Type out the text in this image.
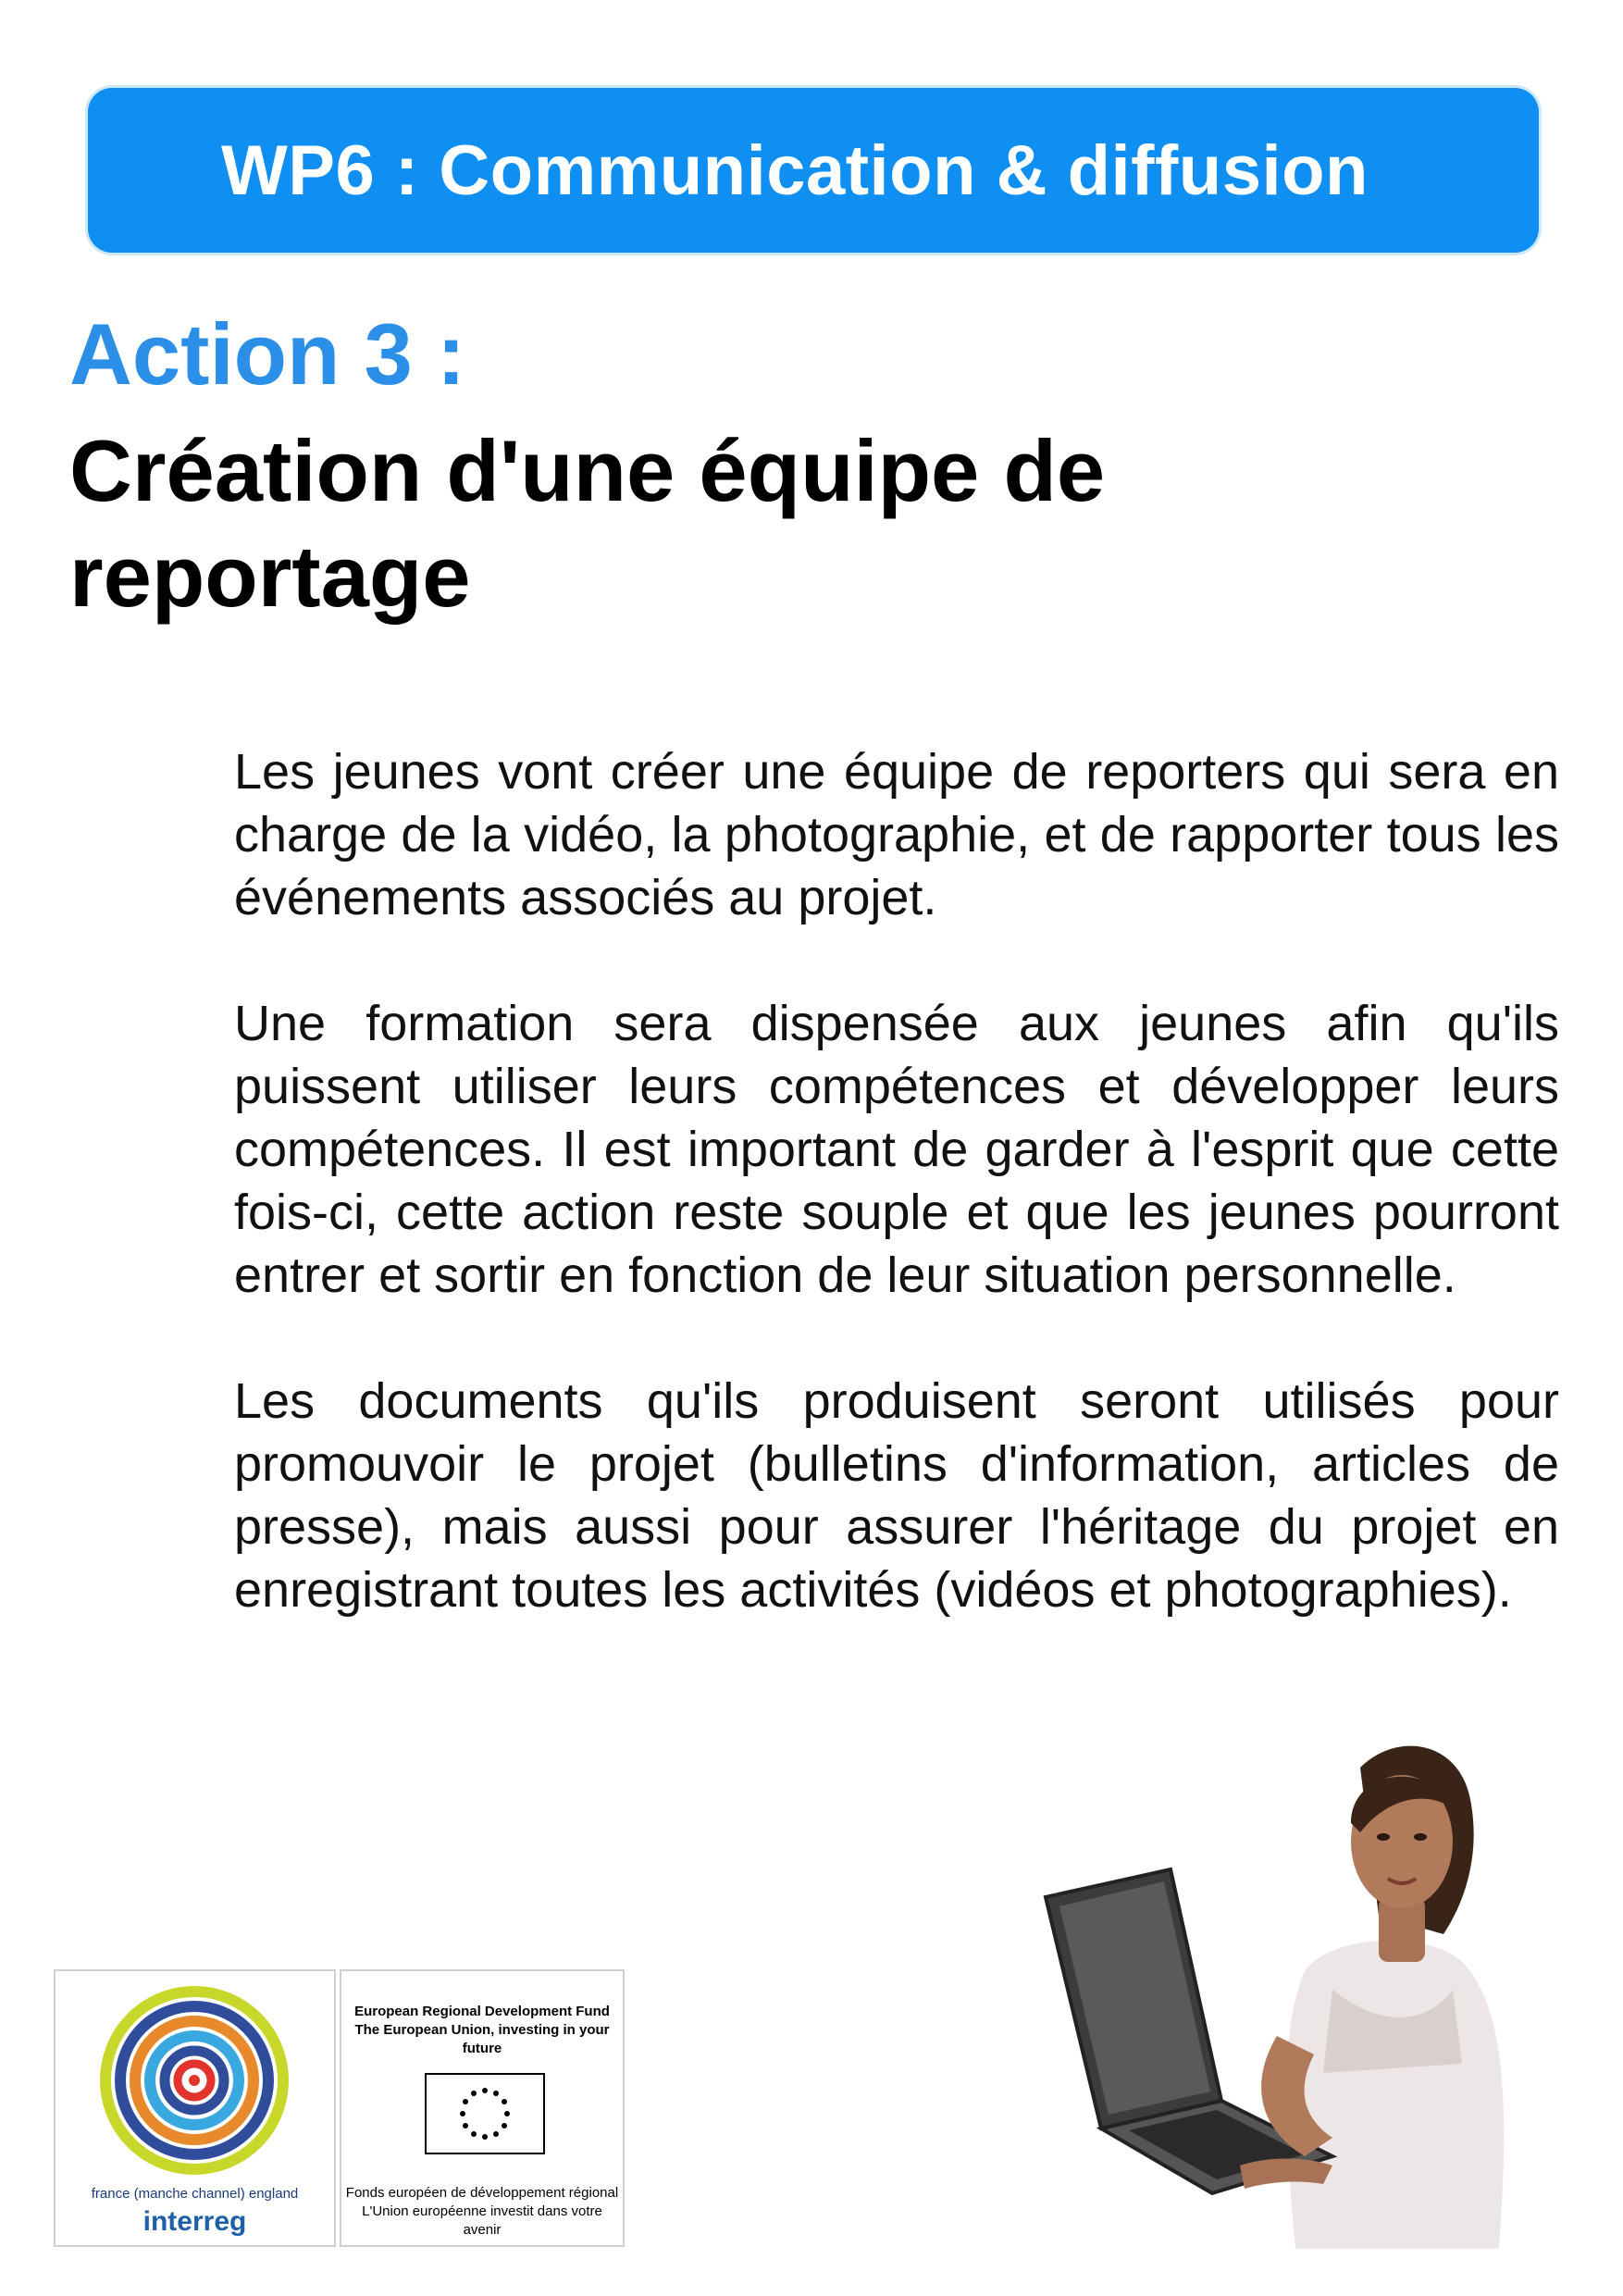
WP6 : Communication & diffusion
Action 3 :
Création d'une équipe de reportage

Les jeunes vont créer une équipe de reporters qui sera en charge de la vidéo, la photographie, et de rapporter tous les événements associés au projet.

Une formation sera dispensée aux jeunes afin qu'ils puissent utiliser leurs compétences et développer leurs compétences. Il est important de garder à l'esprit que cette fois-ci, cette action reste souple et que les jeunes pourront entrer et sortir en fonction de leur situation personnelle.

Les documents qu'ils produisent seront utilisés pour promouvoir le projet (bulletins d'information, articles de presse), mais aussi pour assurer l'héritage du projet en enregistrant toutes les activités (vidéos et photographies).

france (manche channel) england
interreg
European Regional Development Fund
The European Union, investing in your future
Fonds européen de développement régional
L'Union européenne investit dans votre avenir
